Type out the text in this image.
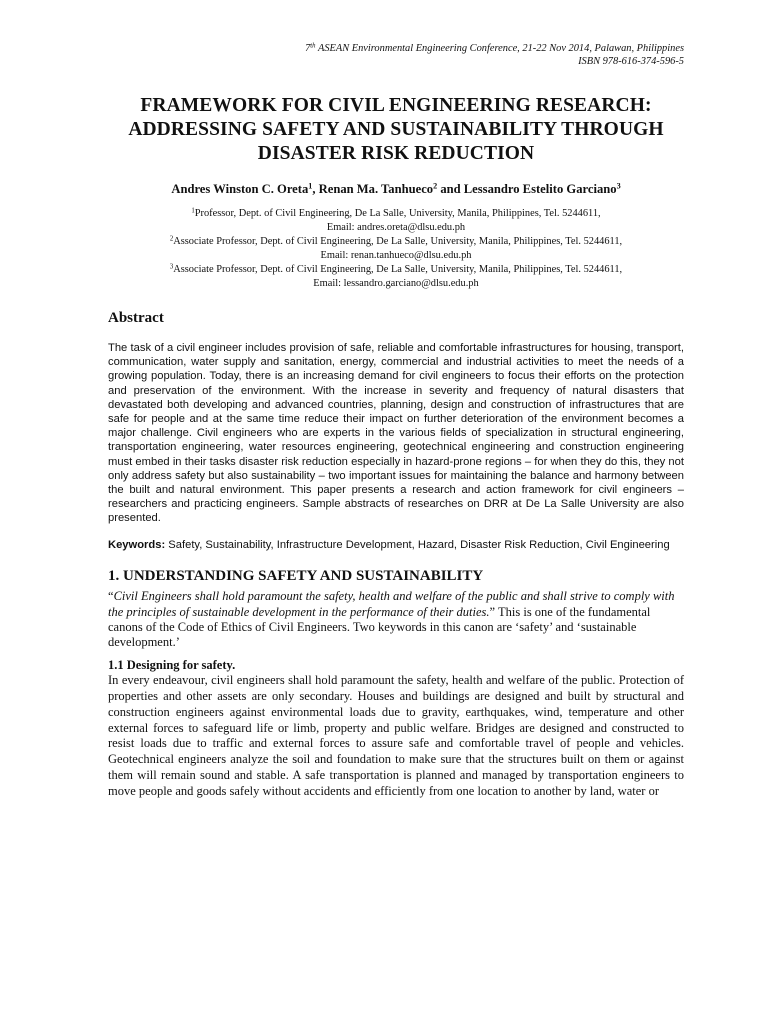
7th ASEAN Environmental Engineering Conference, 21-22 Nov 2014, Palawan, Philippines
ISBN 978-616-374-596-5
FRAMEWORK FOR CIVIL ENGINEERING RESEARCH: ADDRESSING SAFETY AND SUSTAINABILITY THROUGH DISASTER RISK REDUCTION
Andres Winston C. Oreta$^1$, Renan Ma. Tanhueco$^2$ and Lessandro Estelito Garciano$^3$

$^1$Professor, Dept. of Civil Engineering, De La Salle, University, Manila, Philippines, Tel. 5244611,
Email: andres.oreta@dlsu.edu.ph

$^2$Associate Professor, Dept. of Civil Engineering, De La Salle, University, Manila, Philippines, Tel. 5244611,
Email: renan.tanhueco@dlsu.edu.ph

$^3$Associate Professor, Dept. of Civil Engineering, De La Salle, University, Manila, Philippines, Tel. 5244611,
Email: lessandro.garciano@dlsu.edu.ph

Abstract
The task of a civil engineer includes provision of safe, reliable and comfortable infrastructures for housing, transport, communication, water supply and sanitation, energy, commercial and industrial activities to meet the needs of a growing population. Today, there is an increasing demand for civil engineers to focus their efforts on the protection and preservation of the environment. With the increase in severity and frequency of natural disasters that devastated both developing and advanced countries, planning, design and construction of infrastructures that are safe for people and at the same time reduce their impact on further deterioration of the environment becomes a major challenge. Civil engineers who are experts in the various fields of specialization in structural engineering, transportation engineering, water resources engineering, geotechnical engineering and construction engineering must embed in their tasks disaster risk reduction especially in hazard-prone regions – for when they do this, they not only address safety but also sustainability – two important issues for maintaining the balance and harmony between the built and natural environment. This paper presents a research and action framework for civil engineers – researchers and practicing engineers. Sample abstracts of researches on DRR at De La Salle University are also presented.
Keywords: Safety, Sustainability, Infrastructure Development, Hazard, Disaster Risk Reduction, Civil Engineering
1. UNDERSTANDING SAFETY AND SUSTAINABILITY
“Civil Engineers shall hold paramount the safety, health and welfare of the public and shall strive to comply with the principles of sustainable development in the performance of their duties.” This is one of the fundamental canons of the Code of Ethics of Civil Engineers. Two keywords in this canon are ‘safety’ and ‘sustainable development.’
1.1 Designing for safety.

In every endeavour, civil engineers shall hold paramount the safety, health and welfare of the public. Protection of properties and other assets are only secondary. Houses and buildings are designed and built by structural and construction engineers against environmental loads due to gravity, earthquakes, wind, temperature and other external forces to safeguard life or limb, property and public welfare. Bridges are designed and constructed to resist loads due to traffic and external forces to assure safe and comfortable travel of people and vehicles. Geotechnical engineers analyze the soil and foundation to make sure that the structures built on them or against them will remain sound and stable. A safe transportation is planned and managed by transportation engineers to move people and goods safely without accidents and efficiently from one location to another by land, water or
